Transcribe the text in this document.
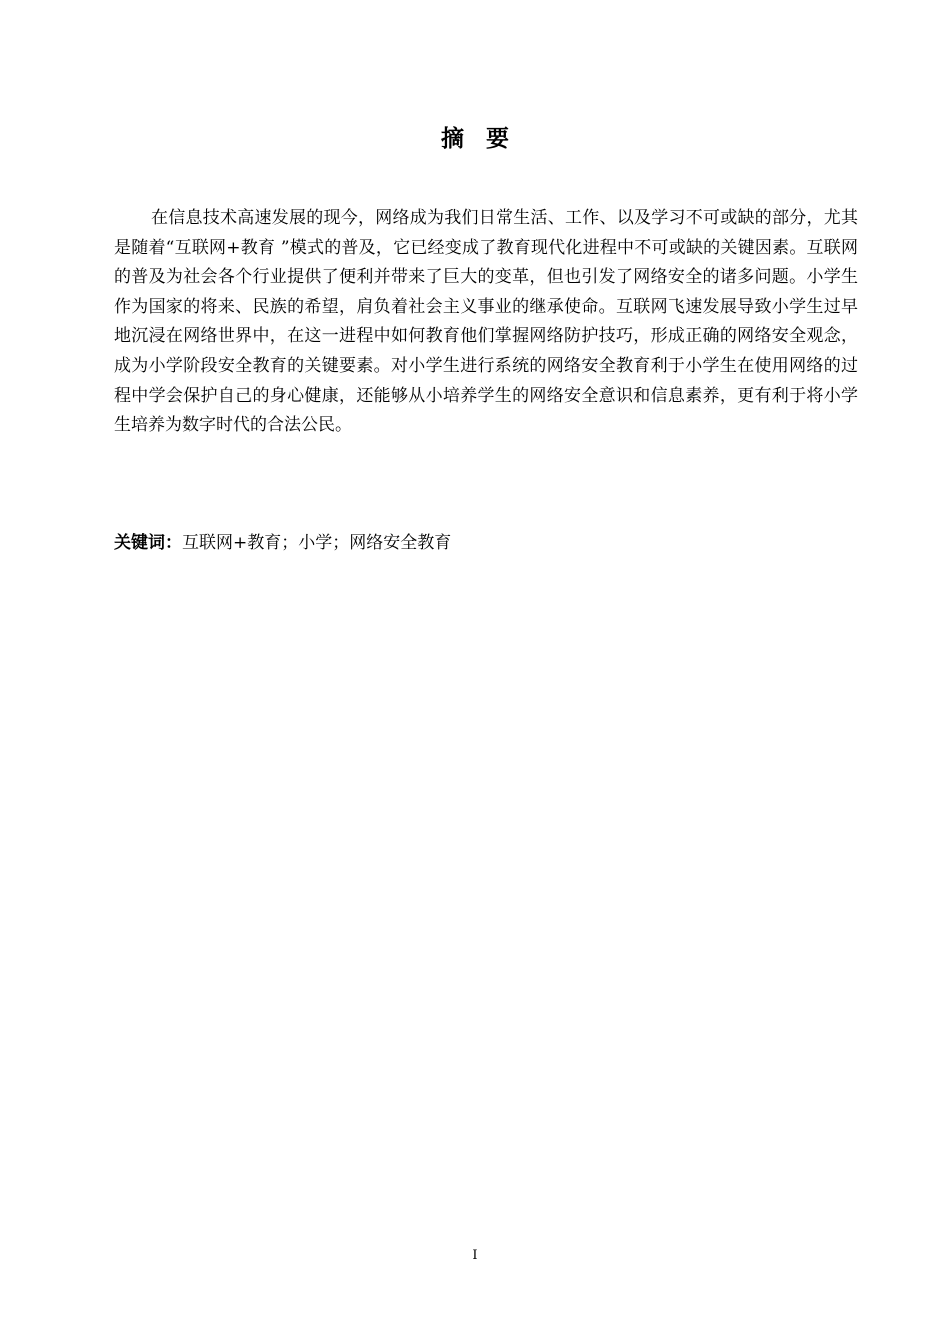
摘要

在信息技术高速发展的现今，网络成为我们日常生活、工作、以及学习不可或缺的部分，尤其是随着“互联网+教育 ”模式的普及，它已经变成了教育现代化进程中不可或缺的关键因素。互联网的普及为社会各个行业提供了便利并带来了巨大的变革，但也引发了网络安全的诸多问题。小学生作为国家的将来、民族的希望，肩负着社会主义事业的继承使命。互联网飞速发展导致小学生过早地沉浸在网络世界中，在这一进程中如何教育他们掌握网络防护技巧，形成正确的网络安全观念，成为小学阶段安全教育的关键要素。对小学生进行系统的网络安全教育利于小学生在使用网络的过程中学会保护自己的身心健康，还能够从小培养学生的网络安全意识和信息素养，更有利于将小学生培养为数字时代的合法公民。

关键词：互联网+教育；小学；网络安全教育
I
